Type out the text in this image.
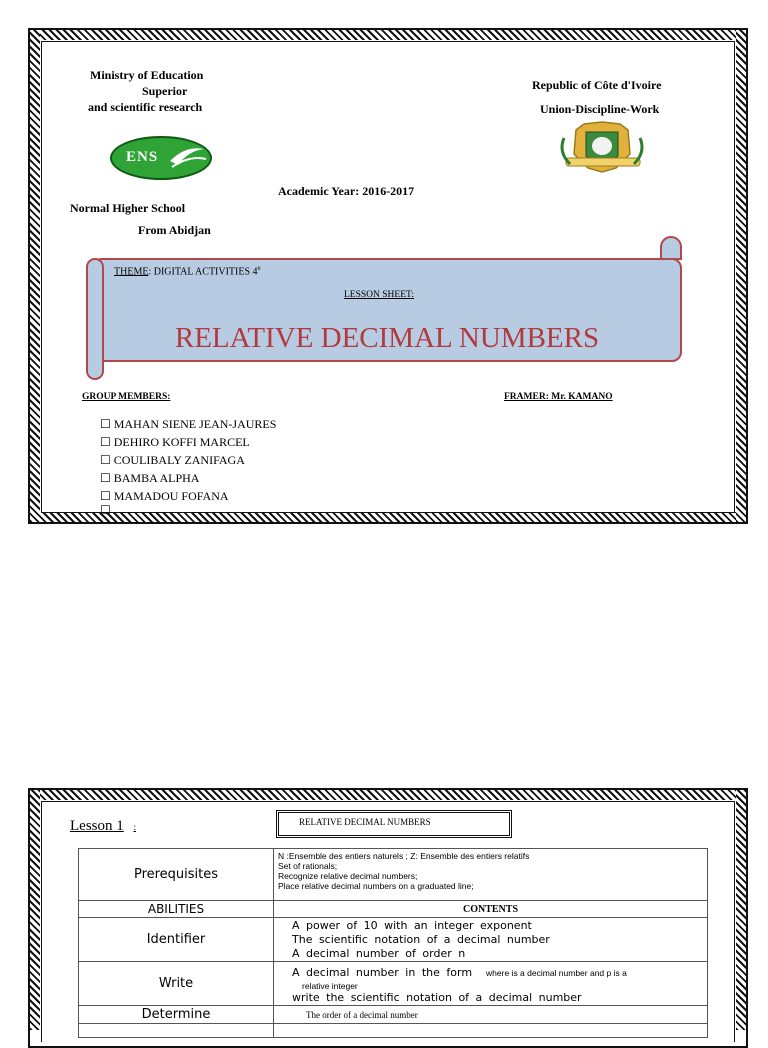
Ministry of Education
Superior
and scientific research
Republic of Côte d'Ivoire
Union-Discipline-Work
ENS
Academic Year: 2016-2017
Normal Higher School
From Abidjan
THEME: DIGITAL ACTIVITIES 4e
LESSON SHEET:
RELATIVE DECIMAL NUMBERS
GROUP MEMBERS:	FRAMER: Mr. KAMANO
☐ MAHAN SIENE JEAN-JAURES
☐ DEHIRO KOFFI MARCEL
☐ COULIBALY ZANIFAGA
☐ BAMBA ALPHA
☐ MAMADOU FOFANA
☐
Lesson 1 :	RELATIVE DECIMAL NUMBERS
Prerequisites	N :Ensemble des entiers naturels ; Z: Ensemble des entiers relatifs
Set of rationals;
Recognize relative decimal numbers;
Place relative decimal numbers on a graduated line;

ABILITIES	CONTENTS
Identifier	A power of 10 with an integer exponent
The scientific notation of a decimal number
A decimal number of order n

Write	A decimal number in the form where is a decimal number and p is a
relative integer
write the scientific notation of a decimal number

Determine	The order of a decimal number
